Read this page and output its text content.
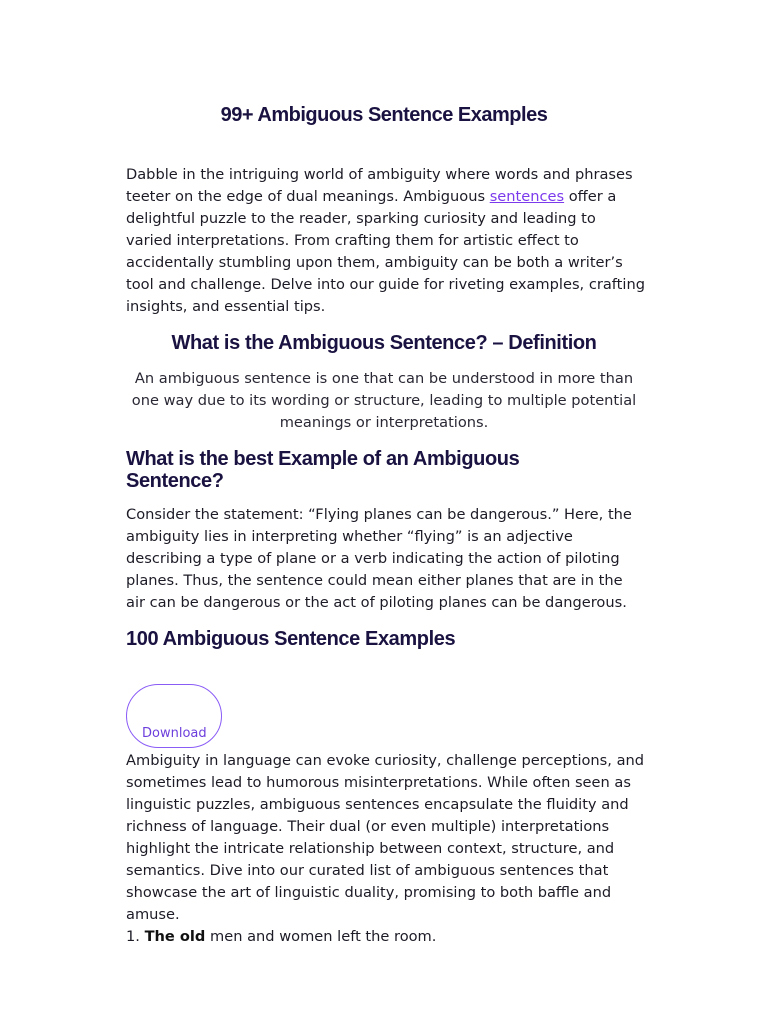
99+ Ambiguous Sentence Examples
Dabble in the intriguing world of ambiguity where words and phrases teeter on the edge of dual meanings. Ambiguous sentences offer a delightful puzzle to the reader, sparking curiosity and leading to varied interpretations. From crafting them for artistic effect to accidentally stumbling upon them, ambiguity can be both a writer’s tool and challenge. Delve into our guide for riveting examples, crafting insights, and essential tips.
What is the Ambiguous Sentence? – Definition
An ambiguous sentence is one that can be understood in more than one way due to its wording or structure, leading to multiple potential meanings or interpretations.
What is the best Example of an Ambiguous Sentence?
Consider the statement: “Flying planes can be dangerous.” Here, the ambiguity lies in interpreting whether “flying” is an adjective describing a type of plane or a verb indicating the action of piloting planes. Thus, the sentence could mean either planes that are in the air can be dangerous or the act of piloting planes can be dangerous.
100 Ambiguous Sentence Examples
Download
Ambiguity in language can evoke curiosity, challenge perceptions, and sometimes lead to humorous misinterpretations. While often seen as linguistic puzzles, ambiguous sentences encapsulate the fluidity and richness of language. Their dual (or even multiple) interpretations highlight the intricate relationship between context, structure, and semantics. Dive into our curated list of ambiguous sentences that showcase the art of linguistic duality, promising to both baffle and amuse.
1. The old men and women left the room.
